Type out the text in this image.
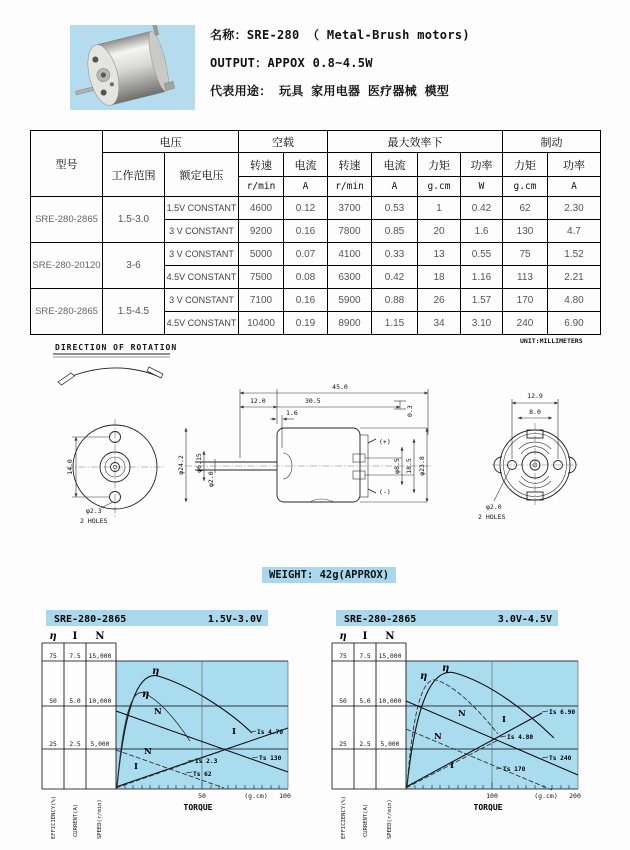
名称：SRE-280 （ Metal-Brush motors)
OUTPUT：APPOX 0.8~4.5W
代表用途： 玩具 家用电器 医疗器械 模型
型号	电压		空载		最大效率下				制动	
	工作范围	额定电压	转速	电流	转速	电流	力矩	功率	力矩	功率
			r/min	A	r/min	A	g.cm	W	g.cm	A
SRE-280-2865	1.5-3.0	1.5V CONSTANT	4600	0.12	3700	0.53	1	0.42	62	2.30
		3 V CONSTANT	9200	0.16	7800	0.85	20	1.6	130	4.7
SRE-280-20120	3-6	3 V CONSTANT	5000	0.07	4100	0.33	13	0.55	75	1.52
		4.5V CONSTANT	7500	0.08	6300	0.42	18	1.16	113	2.21
SRE-280-2865	1.5-4.5	3 V CONSTANT	7100	0.16	5900	0.88	26	1.57	170	4.80
		4.5V CONSTANT	10400	0.19	8900	1.15	34	3.10	240	6.90
DIRECTION OF ROTATION
UNIT:MILLIMETERS
14.0
φ2.3
2 HOLES
(+)
(-)
45.0
12.0	30.5
1.6
φ24.2 φ6.15
φ2.0
0.3
φ8.5 18.5 φ23.8
12.9
8.0
φ2.0
2 HOLES
WEIGHT: 42g(APPROX)
SRE-280-2865	1.5V-3.0V
η I N
75 7.5 15,000
50 5.0 10,000
25 2.5 5,000
η
η
N
N
I
I
Is 4.70
Ts 130
Is 2.3
Ts 62
50	(g.cm) 100
TORQUE
EFFICIENCY(%)	CURRENT(A)	SPEED(r/min)
SRE-280-2865	3.0V-4.5V
η I N
75 7.5 15,000
50 5.0 10,000
25 2.5 5,000
η
η
N
N
I
I
Is 6.90
Ts 240
Is 4.80
Ts 170
100	(g.cm) 200
TORQUE
EFFICIENCY(%)	CURRENT(A)	SPEED(r/min)
